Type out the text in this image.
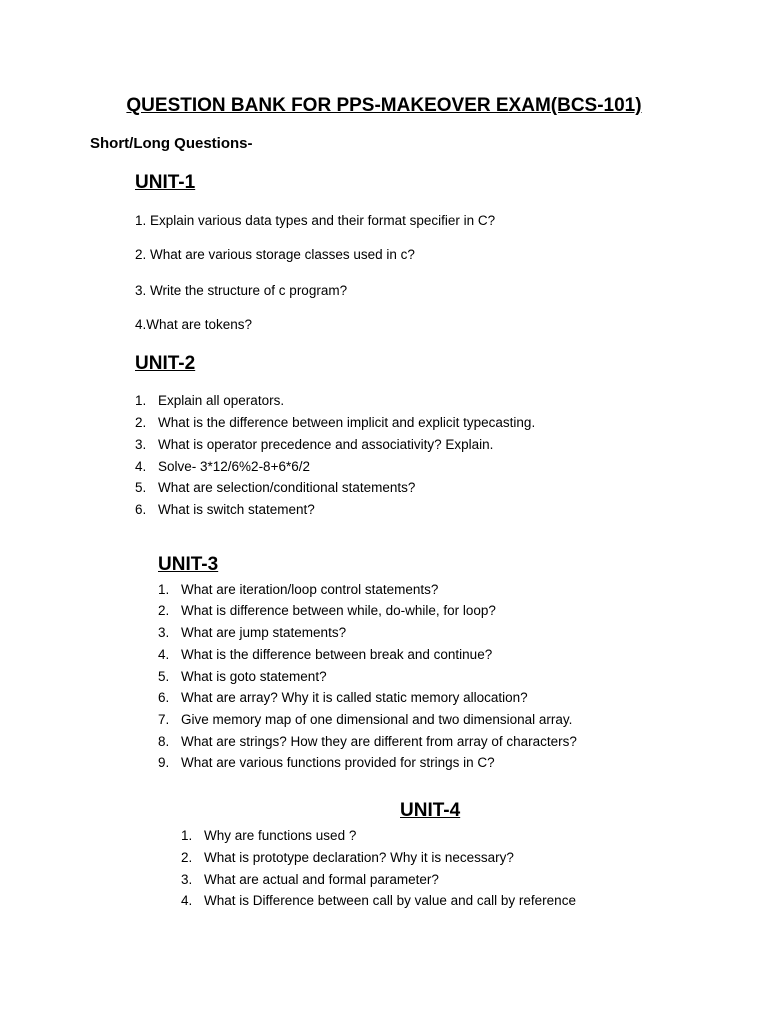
QUESTION BANK FOR PPS-MAKEOVER EXAM(BCS-101)
Short/Long Questions-
UNIT-1
1. Explain various data types and their format specifier in C?
2. What are various storage classes used in c?
3. Write the structure of c program?
4.What are tokens?
UNIT-2
1. Explain all operators.
2. What is the difference between implicit and explicit typecasting.
3. What is operator precedence and associativity? Explain.
4. Solve- 3*12/6%2-8+6*6/2
5. What are selection/conditional statements?
6. What is switch statement?
UNIT-3
1. What are iteration/loop control statements?
2. What is difference between while, do-while, for loop?
3. What are jump statements?
4. What is the difference between break and continue?
5. What is goto statement?
6. What are array? Why it is called static memory allocation?
7. Give memory map of one dimensional and two dimensional array.
8. What are strings? How they are different from array of characters?
9. What are various functions provided for strings in C?
UNIT-4
1. Why are functions used ?
2. What is prototype declaration? Why it is necessary?
3. What are actual and formal parameter?
4. What is Difference between call by value and call by reference
